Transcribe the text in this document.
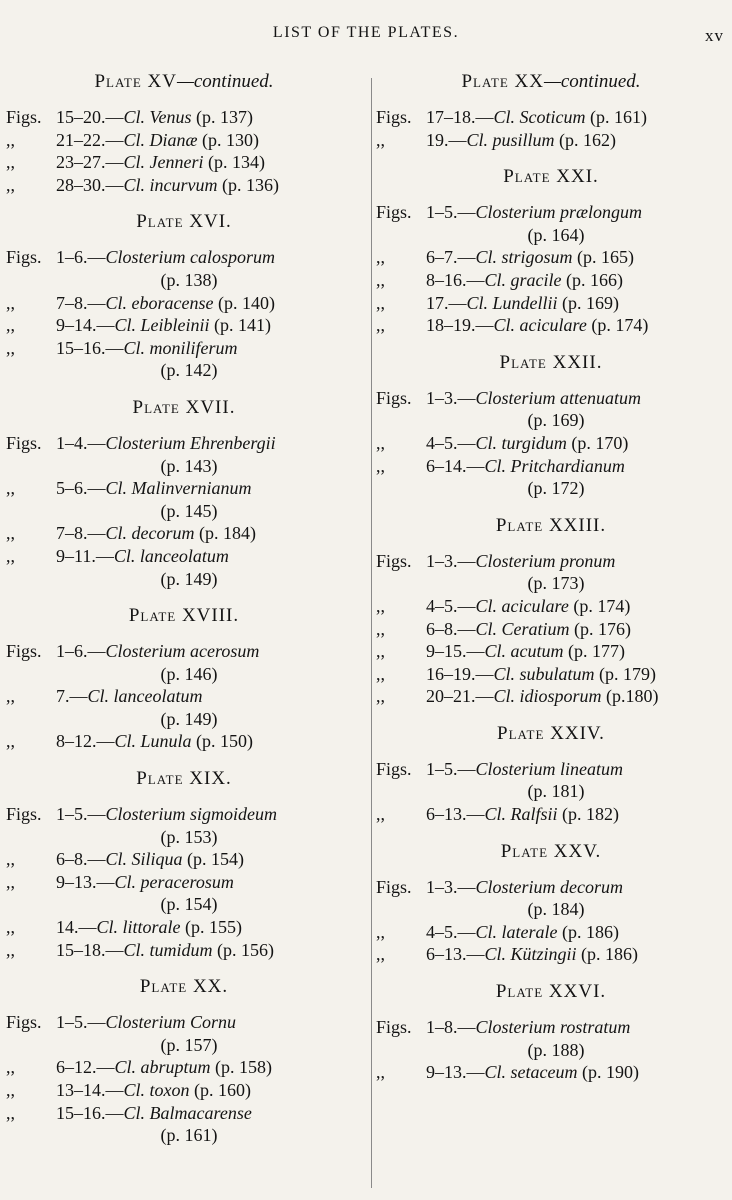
LIST OF THE PLATES.	xv
Plate XV—continued.
Figs. 15–20.—Cl. Venus (p. 137)
,,	21–22.—Cl. Dianæ (p. 130)
,,	23–27.—Cl. Jenneri (p. 134)
,,	28–30.—Cl. incurvum (p. 136)
Plate XVI.
Figs. 1–6.—Closterium calosporum
(p. 138)
,,	7–8.—Cl. eboracense (p. 140)
,,	9–14.—Cl. Leibleinii (p. 141)
,,	15–16.—Cl. moniliferum
(p. 142)
Plate XVII.
Figs. 1–4.—Closterium Ehrenbergii
(p. 143)
,,	5–6.—Cl. Malinvernianum
(p. 145)
,,	7–8.—Cl. decorum (p. 184)
,,	9–11.—Cl. lanceolatum
(p. 149)
Plate XVIII.
Figs. 1–6.—Closterium acerosum
(p. 146)
,,	7.—Cl. lanceolatum
(p. 149)
,,	8–12.—Cl. Lunula (p. 150)
Plate XIX.
Figs. 1–5.—Closterium sigmoideum
(p. 153)
,,	6–8.—Cl. Siliqua (p. 154)
,,	9–13.—Cl. peracerosum
(p. 154)
,,	14.—Cl. littorale (p. 155)
,,	15–18.—Cl. tumidum (p. 156)
Plate XX.
Figs. 1–5.—Closterium Cornu
(p. 157)
,,	6–12.—Cl. abruptum (p. 158)
,,	13–14.—Cl. toxon (p. 160)
,,	15–16.—Cl. Balmacarense
(p. 161)
Plate XX—continued.
Figs. 17–18.—Cl. Scoticum (p. 161)
,,	19.—Cl. pusillum (p. 162)
Plate XXI.
Figs. 1–5.—Closterium prælongum
(p. 164)
,,	6–7.—Cl. strigosum (p. 165)
,,	8–16.—Cl. gracile (p. 166)
,,	17.—Cl. Lundellii (p. 169)
,,	18–19.—Cl. aciculare (p. 174)
Plate XXII.
Figs. 1–3.—Closterium attenuatum
(p. 169)
,,	4–5.—Cl. turgidum (p. 170)
,,	6–14.—Cl. Pritchardianum
(p. 172)
Plate XXIII.
Figs. 1–3.—Closterium pronum
(p. 173)
,,	4–5.—Cl. aciculare (p. 174)
,,	6–8.—Cl. Ceratium (p. 176)
,,	9–15.—Cl. acutum (p. 177)
,,	16–19.—Cl. subulatum (p. 179)
,,	20–21.—Cl. idiosporum (p.180)
Plate XXIV.
Figs. 1–5.—Closterium lineatum
(p. 181)
,,	6–13.—Cl. Ralfsii (p. 182)
Plate XXV.
Figs. 1–3.—Closterium decorum
(p. 184)
,,	4–5.—Cl. laterale (p. 186)
,,	6–13.—Cl. Kützingii (p. 186)
Plate XXVI.
Figs. 1–8.—Closterium rostratum
(p. 188)
,,	9–13.—Cl. setaceum (p. 190)
